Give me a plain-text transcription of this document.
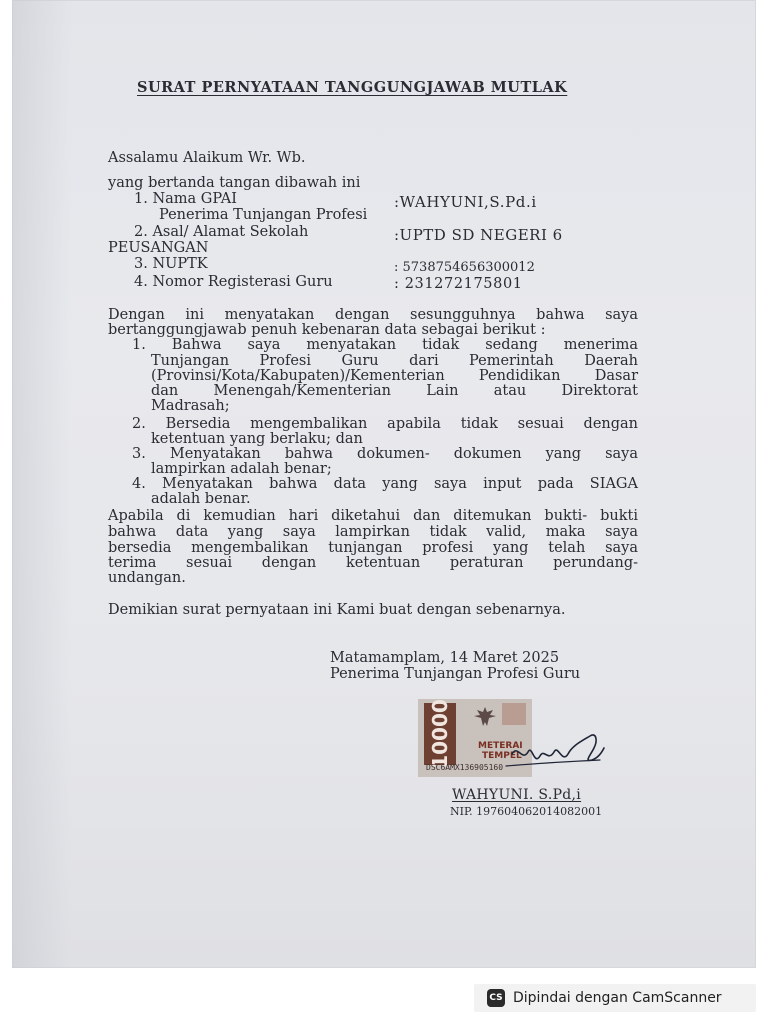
SURAT PERNYATAAN TANGGUNGJAWAB MUTLAK
Assalamu Alaikum Wr. Wb.
yang bertanda tangan dibawah ini
1. Nama GPAI	:WAHYUNI,S.Pd.i
Penerima Tunjangan Profesi
2. Asal/ Alamat Sekolah	:UPTD SD NEGERI 6
PEUSANGAN
3. NUPTK	: 5738754656300012
4. Nomor Registerasi Guru	: 231272175801
Dengan ini menyatakan dengan sesungguhnya bahwa saya
bertanggungjawab penuh kebenaran data sebagai berikut :
1. Bahwa saya menyatakan tidak sedang menerima
Tunjangan Profesi Guru dari Pemerintah Daerah
(Provinsi/Kota/Kabupaten)/Kementerian Pendidikan Dasar
dan Menengah/Kementerian Lain atau Direktorat
Madrasah;
2. Bersedia mengembalikan apabila tidak sesuai dengan
ketentuan yang berlaku; dan
3. Menyatakan bahwa dokumen- dokumen yang saya
lampirkan adalah benar;
4. Menyatakan bahwa data yang saya input pada SIAGA
adalah benar.
Apabila di kemudian hari diketahui dan ditemukan bukti- bukti
bahwa data yang saya lampirkan tidak valid, maka saya
bersedia mengembalikan tunjangan profesi yang telah saya
terima sesuai dengan ketentuan peraturan perundang-
undangan.
Demikian surat pernyataan ini Kami buat dengan sebenarnya.
Matamamplam, 14 Maret 2025
Penerima Tunjangan Profesi Guru
10000	METERAI
TEMPEL
DSC6AMX136905160
WAHYUNI. S.Pd,i
NIP. 197604062014082001
CS Dipindai dengan CamScanner
